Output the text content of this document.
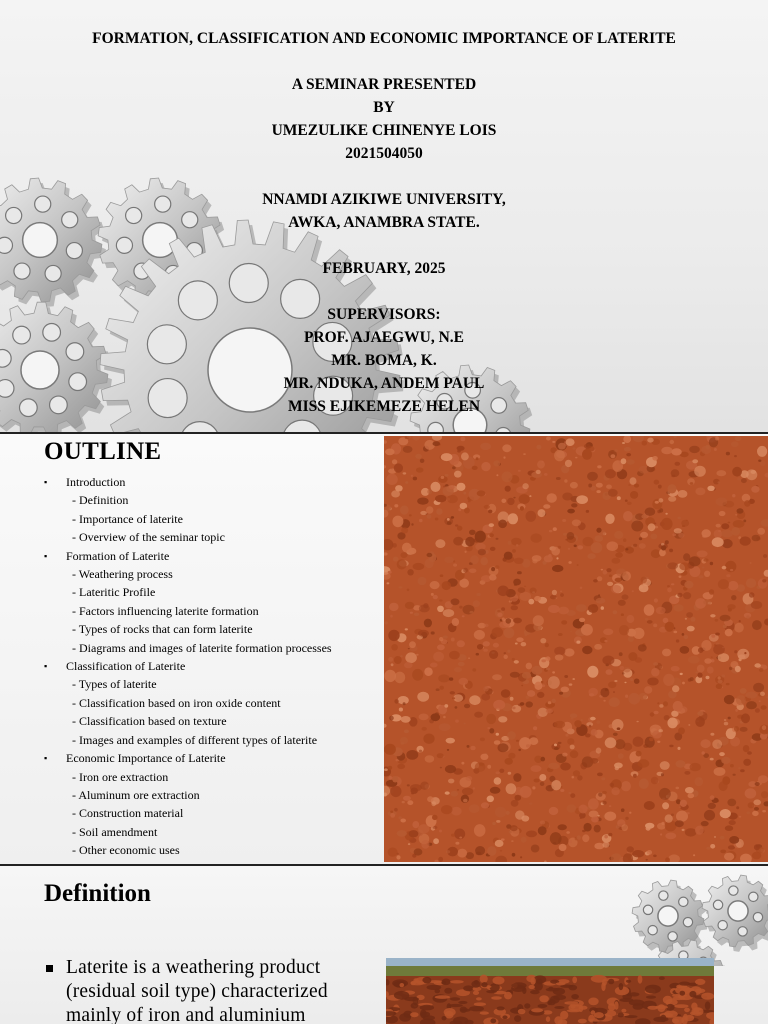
FORMATION, CLASSIFICATION AND ECONOMIC IMPORTANCE OF LATERITE
A SEMINAR PRESENTED
BY
UMEZULIKE CHINENYE LOIS
2021504050
NNAMDI AZIKIWE UNIVERSITY,
AWKA, ANAMBRA STATE.
FEBRUARY, 2025
SUPERVISORS:
PROF. AJAEGWU, N.E
MR. BOMA, K.
MR. NDUKA, ANDEM PAUL
MISS EJIKEMEZE HELEN
OUTLINE
▪ Introduction
- Definition
- Importance of laterite
- Overview of the seminar topic
▪ Formation of Laterite
- Weathering process
- Lateritic Profile
- Factors influencing laterite formation
- Types of rocks that can form laterite
- Diagrams and images of laterite formation processes
▪ Classification of Laterite
- Types of laterite
- Classification based on iron oxide content
- Classification based on texture
- Images and examples of different types of laterite
▪ Economic Importance of Laterite
- Iron ore extraction
- Aluminum ore extraction
- Construction material
- Soil amendment
- Other economic uses
Definition
Laterite is a weathering product
(residual soil type) characterized
mainly of iron and aluminium
